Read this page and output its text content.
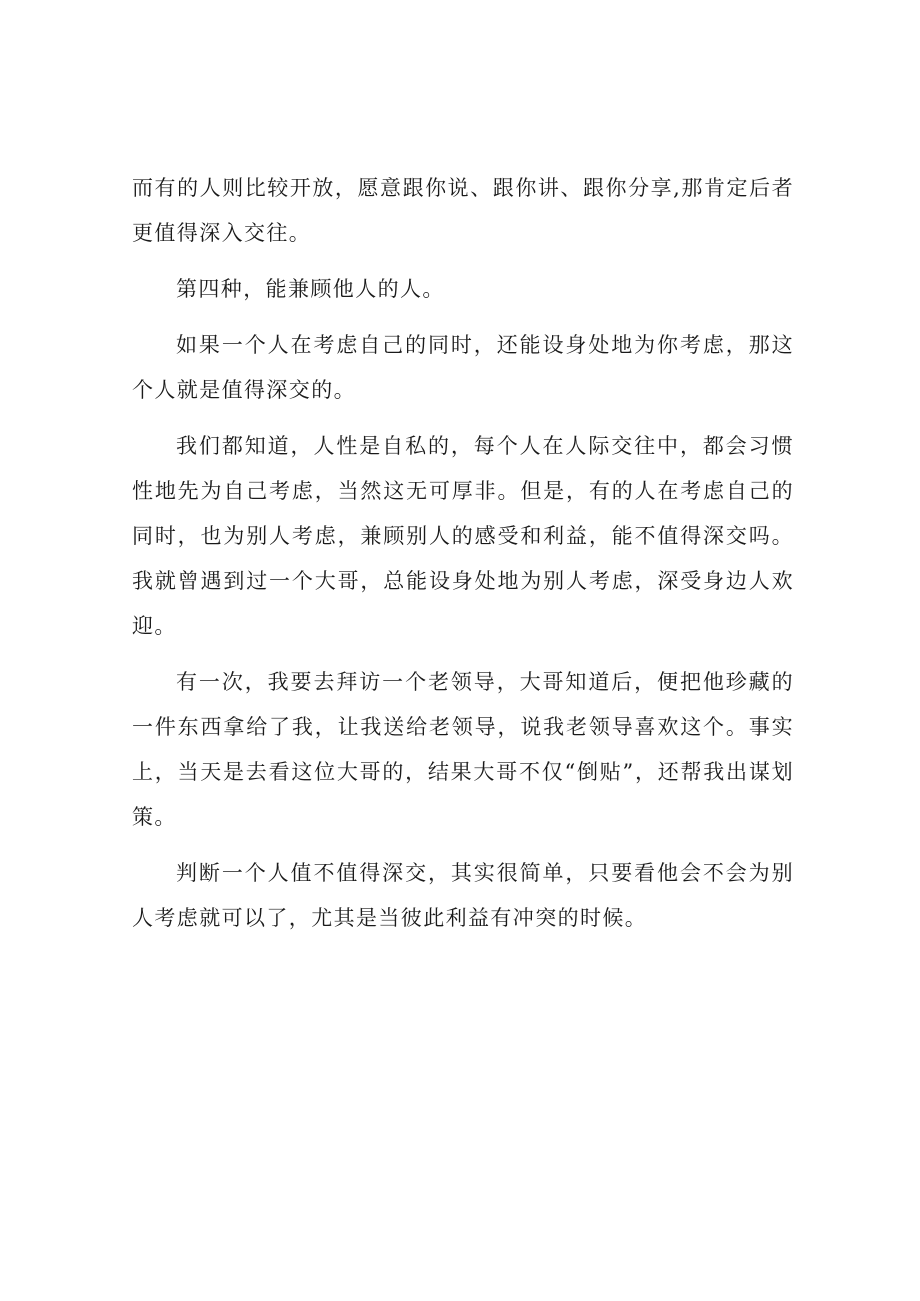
而有的人则比较开放，愿意跟你说、跟你讲、跟你分享,那肯定后者更值得深入交往。

第四种，能兼顾他人的人。

如果一个人在考虑自己的同时，还能设身处地为你考虑，那这个人就是值得深交的。

我们都知道，人性是自私的，每个人在人际交往中，都会习惯性地先为自己考虑，当然这无可厚非。但是，有的人在考虑自己的同时，也为别人考虑，兼顾别人的感受和利益，能不值得深交吗。我就曾遇到过一个大哥，总能设身处地为别人考虑，深受身边人欢迎。

有一次，我要去拜访一个老领导，大哥知道后，便把他珍藏的一件东西拿给了我，让我送给老领导，说我老领导喜欢这个。事实上，当天是去看这位大哥的，结果大哥不仅“倒贴”，还帮我出谋划策。

判断一个人值不值得深交，其实很简单，只要看他会不会为别人考虑就可以了，尤其是当彼此利益有冲突的时候。
